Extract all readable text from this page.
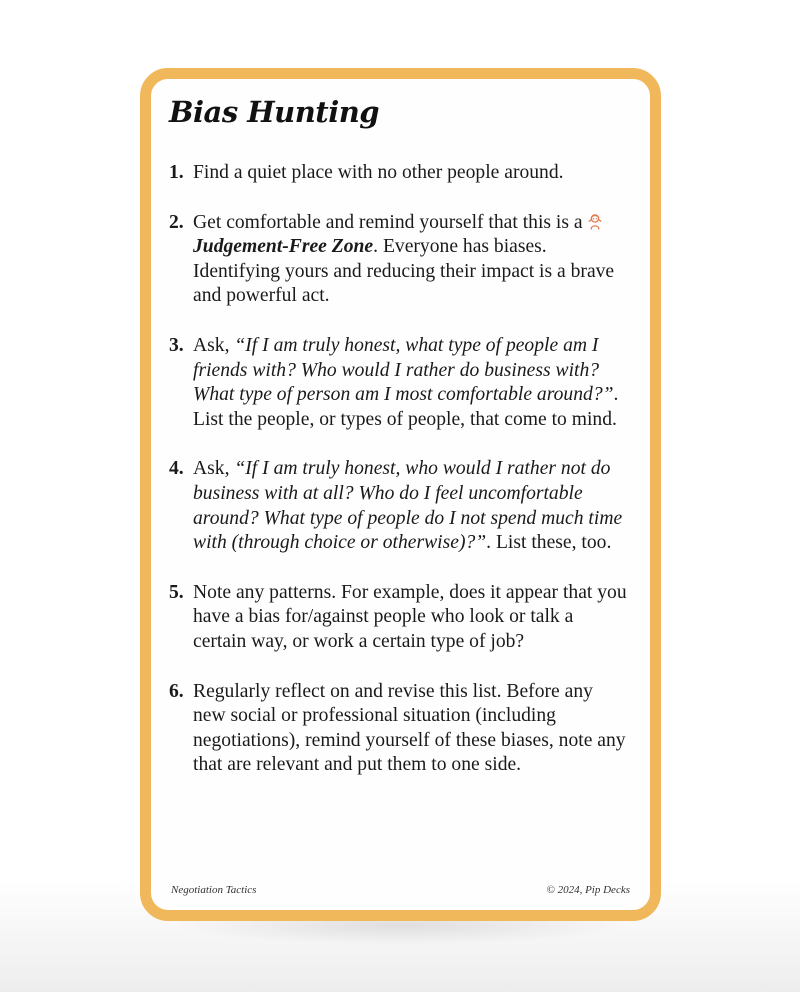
Bias Hunting
1. Find a quiet place with no other people around.
2. Get comfortable and remind yourself that this is aJudgement-Free Zone. Everyone has biases. Identifying yours and reducing their impact is a brave and powerful act.
3. Ask, “If I am truly honest, what type of people am I friends with? Who would I rather do business with? What type of person am I most comfortable around?”. List the people, or types of people, that come to mind.
4. Ask, “If I am truly honest, who would I rather not do business with at all? Who do I feel uncomfortable around? What type of people do I not spend much time with (through choice or otherwise)?”. List these, too.
5. Note any patterns. For example, does it appear that you have a bias for/against people who look or talk a certain way, or work a certain type of job?
6. Regularly reflect on and revise this list. Before any new social or professional situation (including negotiations), remind yourself of these biases, note any that are relevant and put them to one side.
Negotiation Tactics	© 2024, Pip Decks
